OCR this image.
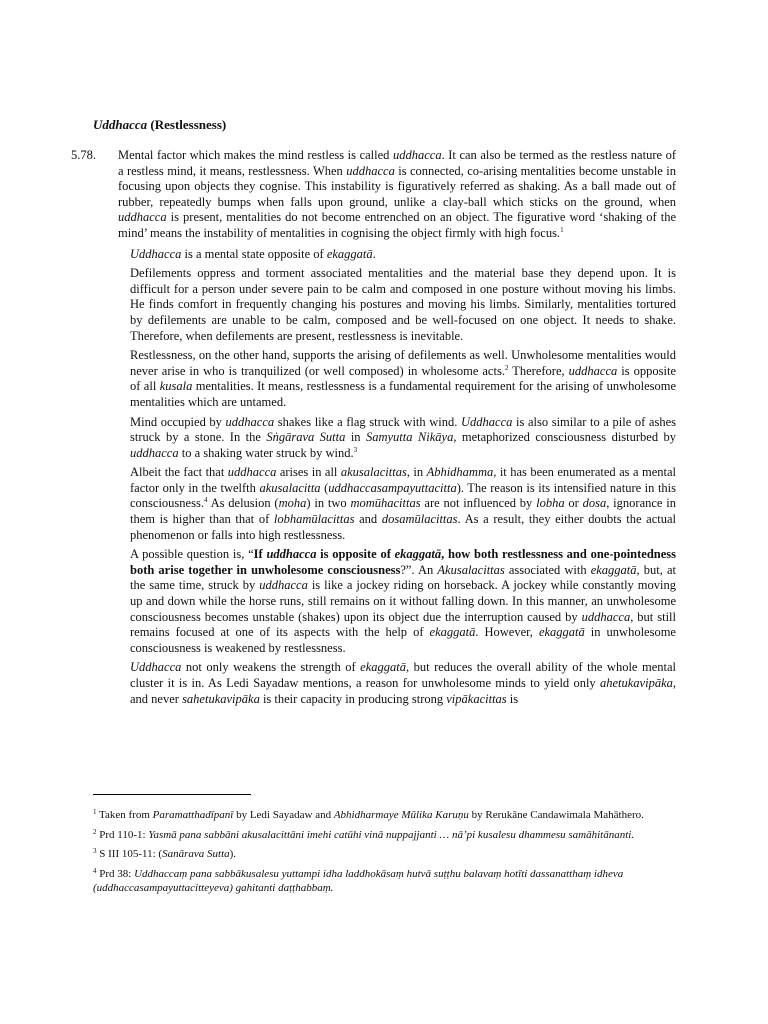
Uddhacca (Restlessness)

5.78. Mental factor which makes the mind restless is called uddhacca. It can also be termed as the restless nature of a restless mind, it means, restlessness. When uddhacca is connected, co-arising mentalities become unstable in focusing upon objects they cognise. This instability is figuratively referred as shaking. As a ball made out of rubber, repeatedly bumps when falls upon ground, unlike a clay-ball which sticks on the ground, when uddhacca is present, mentalities do not become entrenched on an object. The figurative word ‘shaking of the mind’ means the instability of mentalities in cognising the object firmly with high focus.$^1$

Uddhacca is a mental state opposite of ekaggatā.

Defilements oppress and torment associated mentalities and the material base they depend upon. It is difficult for a person under severe pain to be calm and composed in one posture without moving his limbs. He finds comfort in frequently changing his postures and moving his limbs. Similarly, mentalities tortured by defilements are unable to be calm, composed and be well-focused on one object. It needs to shake. Therefore, when defilements are present, restlessness is inevitable.

Restlessness, on the other hand, supports the arising of defilements as well. Unwholesome mentalities would never arise in who is tranquilized (or well composed) in wholesome acts.$^2$ Therefore, uddhacca is opposite of all kusala mentalities. It means, restlessness is a fundamental requirement for the arising of unwholesome mentalities which are untamed.

Mind occupied by uddhacca shakes like a flag struck with wind. Uddhacca is also similar to a pile of ashes struck by a stone. In the Sṅgārava Sutta in Samyutta Nikāya, metaphorized consciousness disturbed by uddhacca to a shaking water struck by wind.$^3$

Albeit the fact that uddhacca arises in all akusalacittas, in Abhidhamma, it has been enumerated as a mental factor only in the twelfth akusalacitta (uddhaccasampayuttacitta). The reason is its intensified nature in this consciousness.$^4$ As delusion (moha) in two momūhacittas are not influenced by lobha or dosa, ignorance in them is higher than that of lobhamūlacittas and dosamūlacittas. As a result, they either doubts the actual phenomenon or falls into high restlessness.

A possible question is, “If uddhacca is opposite of ekaggatā, how both restlessness and one-pointedness both arise together in unwholesome consciousness?”. An Akusalacittas associated with ekaggatā, but, at the same time, struck by uddhacca is like a jockey riding on horseback. A jockey while constantly moving up and down while the horse runs, still remains on it without falling down. In this manner, an unwholesome consciousness becomes unstable (shakes) upon its object due the interruption caused by uddhacca, but still remains focused at one of its aspects with the help of ekaggatā. However, ekaggatā in unwholesome consciousness is weakened by restlessness.

Uddhacca not only weakens the strength of ekaggatā, but reduces the overall ability of the whole mental cluster it is in. As Ledi Sayadaw mentions, a reason for unwholesome minds to yield only ahetukavipāka, and never sahetukavipāka is their capacity in producing strong vipākacittas is

$^1$ Taken from Paramatthadīpanī by Ledi Sayadaw and Abhidharmaye Mūlika Karuṇu by Rerukāne Candawimala Mahāthero.

$^2$ Prd 110-1: Yasmā pana sabbāni akusalacittāni imehi catūhi vinā nuppajjanti … nā’pi kusalesu dhammesu samāhitānanti.

$^3$ S III 105-11: (Sanārava Sutta).

$^4$ Prd 38: Uddhaccaṃ pana sabbākusalesu yuttampi idha laddhokāsaṃ hutvā suṭṭhu balavaṃ hotīti dassanatthaṃ idheva (uddhaccasampayuttacitteyeva) gahitanti daṭṭhabbaṃ.
